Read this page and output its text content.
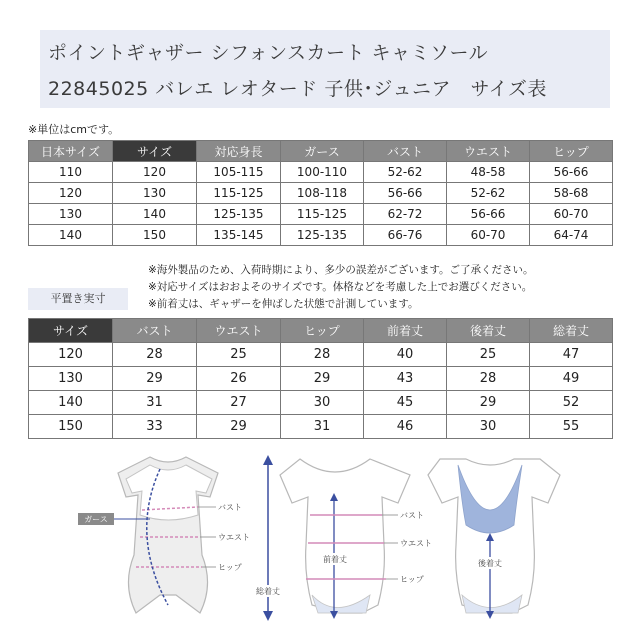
ポイントギャザー シフォンスカート キャミソール
22845025 バレエ レオタード 子供･ジュニア　サイズ表
※単位はcmです。
日本サイズ	サイズ	対応身長	ガース	バスト	ウエスト	ヒップ
110	120	105-115	100-110	52-62	48-58	56-66
120	130	115-125	108-118	56-66	52-62	58-68
130	140	125-135	115-125	62-72	56-66	60-70
140	150	135-145	125-135	66-76	60-70	64-74
※海外製品のため、入荷時期により、多少の誤差がございます。ご了承ください。
※対応サイズはおおよそのサイズです。体格などを考慮した上でお選びください。
※前着丈は、ギャザーを伸ばした状態で計測しています。
平置き実寸
サイズ	バスト	ウエスト	ヒップ	前着丈	後着丈	総着丈
120	28	25	28	40	25	47
130	29	26	29	43	28	49
140	31	27	30	45	29	52
150	33	29	31	46	30	55
ガース
バスト
ウエスト
ヒップ
総着丈
前着丈
バスト
ウエスト
ヒップ
後着丈
